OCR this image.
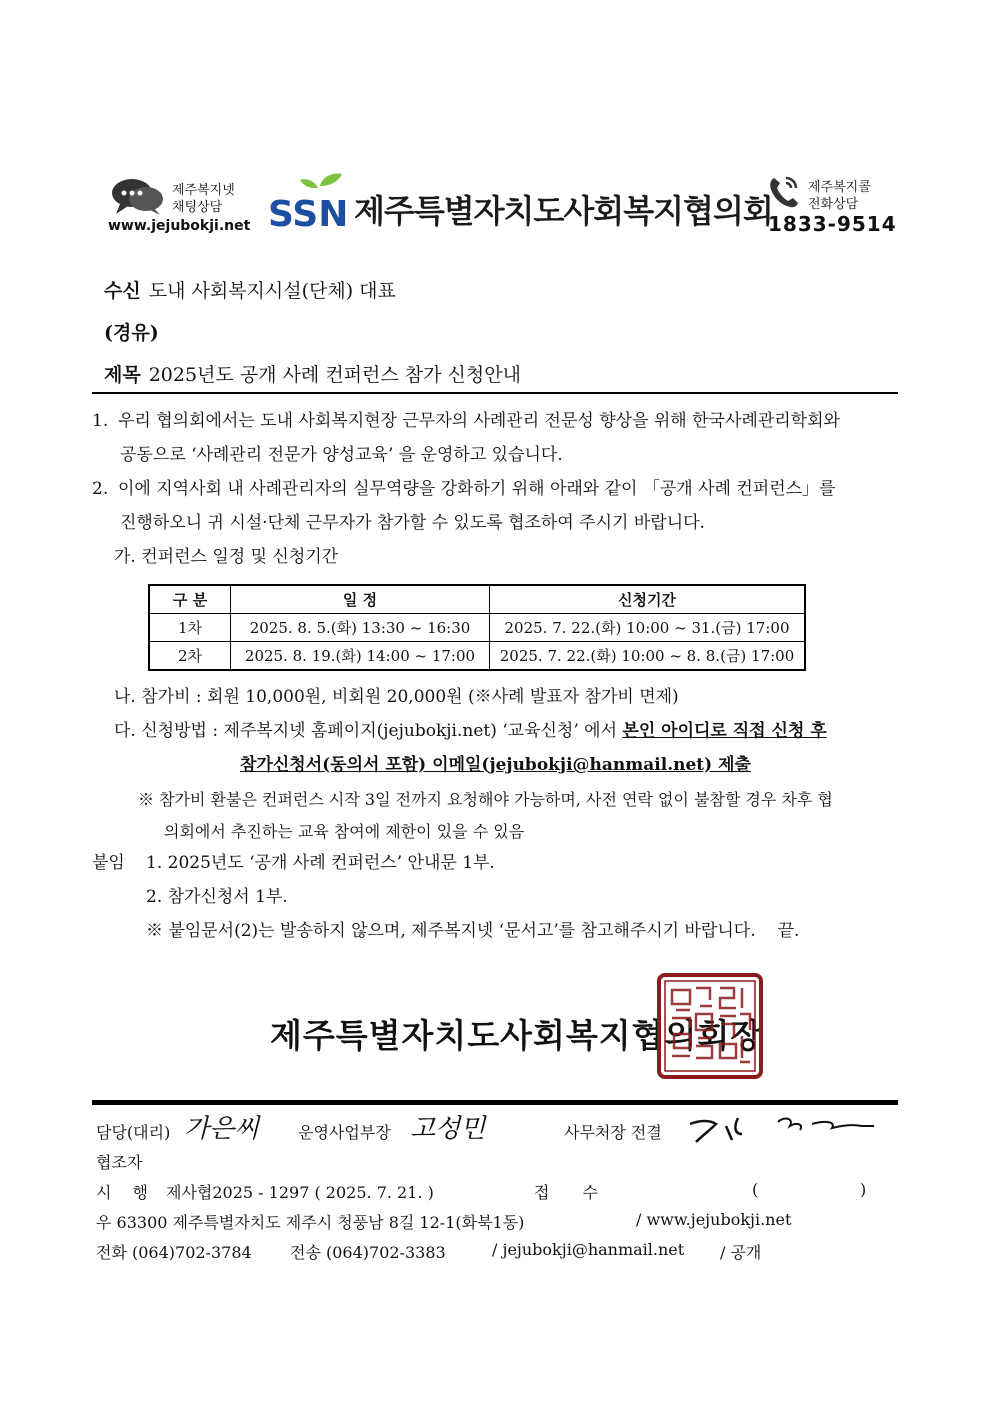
제주복지넷
채팅상담
www.jejubokji.net SSN 제주특별자치도사회복지협의회
제주복지콜
전화상담
1833-9514
수신 도내 사회복지시설(단체) 대표
(경유)
제목 2025년도 공개 사례 컨퍼런스 참가 신청안내
1. 우리 협의회에서는 도내 사회복지현장 근무자의 사례관리 전문성 향상을 위해 한국사례관리학회와
공동으로 ‘사례관리 전문가 양성교육’ 을 운영하고 있습니다.
2. 이에 지역사회 내 사례관리자의 실무역량을 강화하기 위해 아래와 같이 「공개 사례 컨퍼런스」를
진행하오니 귀 시설·단체 근무자가 참가할 수 있도록 협조하여 주시기 바랍니다.
가. 컨퍼런스 일정 및 신청기간
구 분	일 정	신청기간
1차	2025. 8. 5.(화) 13:30 ~ 16:30	2025. 7. 22.(화) 10:00 ~ 31.(금) 17:00
2차	2025. 8. 19.(화) 14:00 ~ 17:00	2025. 7. 22.(화) 10:00 ~ 8. 8.(금) 17:00
나. 참가비 : 회원 10,000원, 비회원 20,000원 (※사례 발표자 참가비 면제)
다. 신청방법 : 제주복지넷 홈페이지(jejubokji.net) ‘교육신청’ 에서 본인 아이디로 직접 신청 후
참가신청서(동의서 포함) 이메일(jejubokji@hanmail.net) 제출
※ 참가비 환불은 컨퍼런스 시작 3일 전까지 요청해야 가능하며, 사전 연락 없이 불참할 경우 차후 협
의회에서 추진하는 교육 참여에 제한이 있을 수 있음
붙임 1. 2025년도 ‘공개 사례 컨퍼런스’ 안내문 1부.
2. 참가신청서 1부.
※ 붙임문서(2)는 발송하지 않으며, 제주복지넷 ‘문서고’를 참고해주시기 바랍니다. 끝.
제주특별자치도사회복지협의회장
담당(대리) 가은씨 운영사업부장 고성민	사무처장 전결
협조자
시 행 제사협2025 - 1297 ( 2025. 7. 21. )	접 수	(                    )
우 63300 제주특별자치도 제주시 청풍남 8길 12-1(화북1동)	/ www.jejubokji.net
전화 (064)702-3784 전송 (064)702-3383	/ jejubokji@hanmail.net / 공개
